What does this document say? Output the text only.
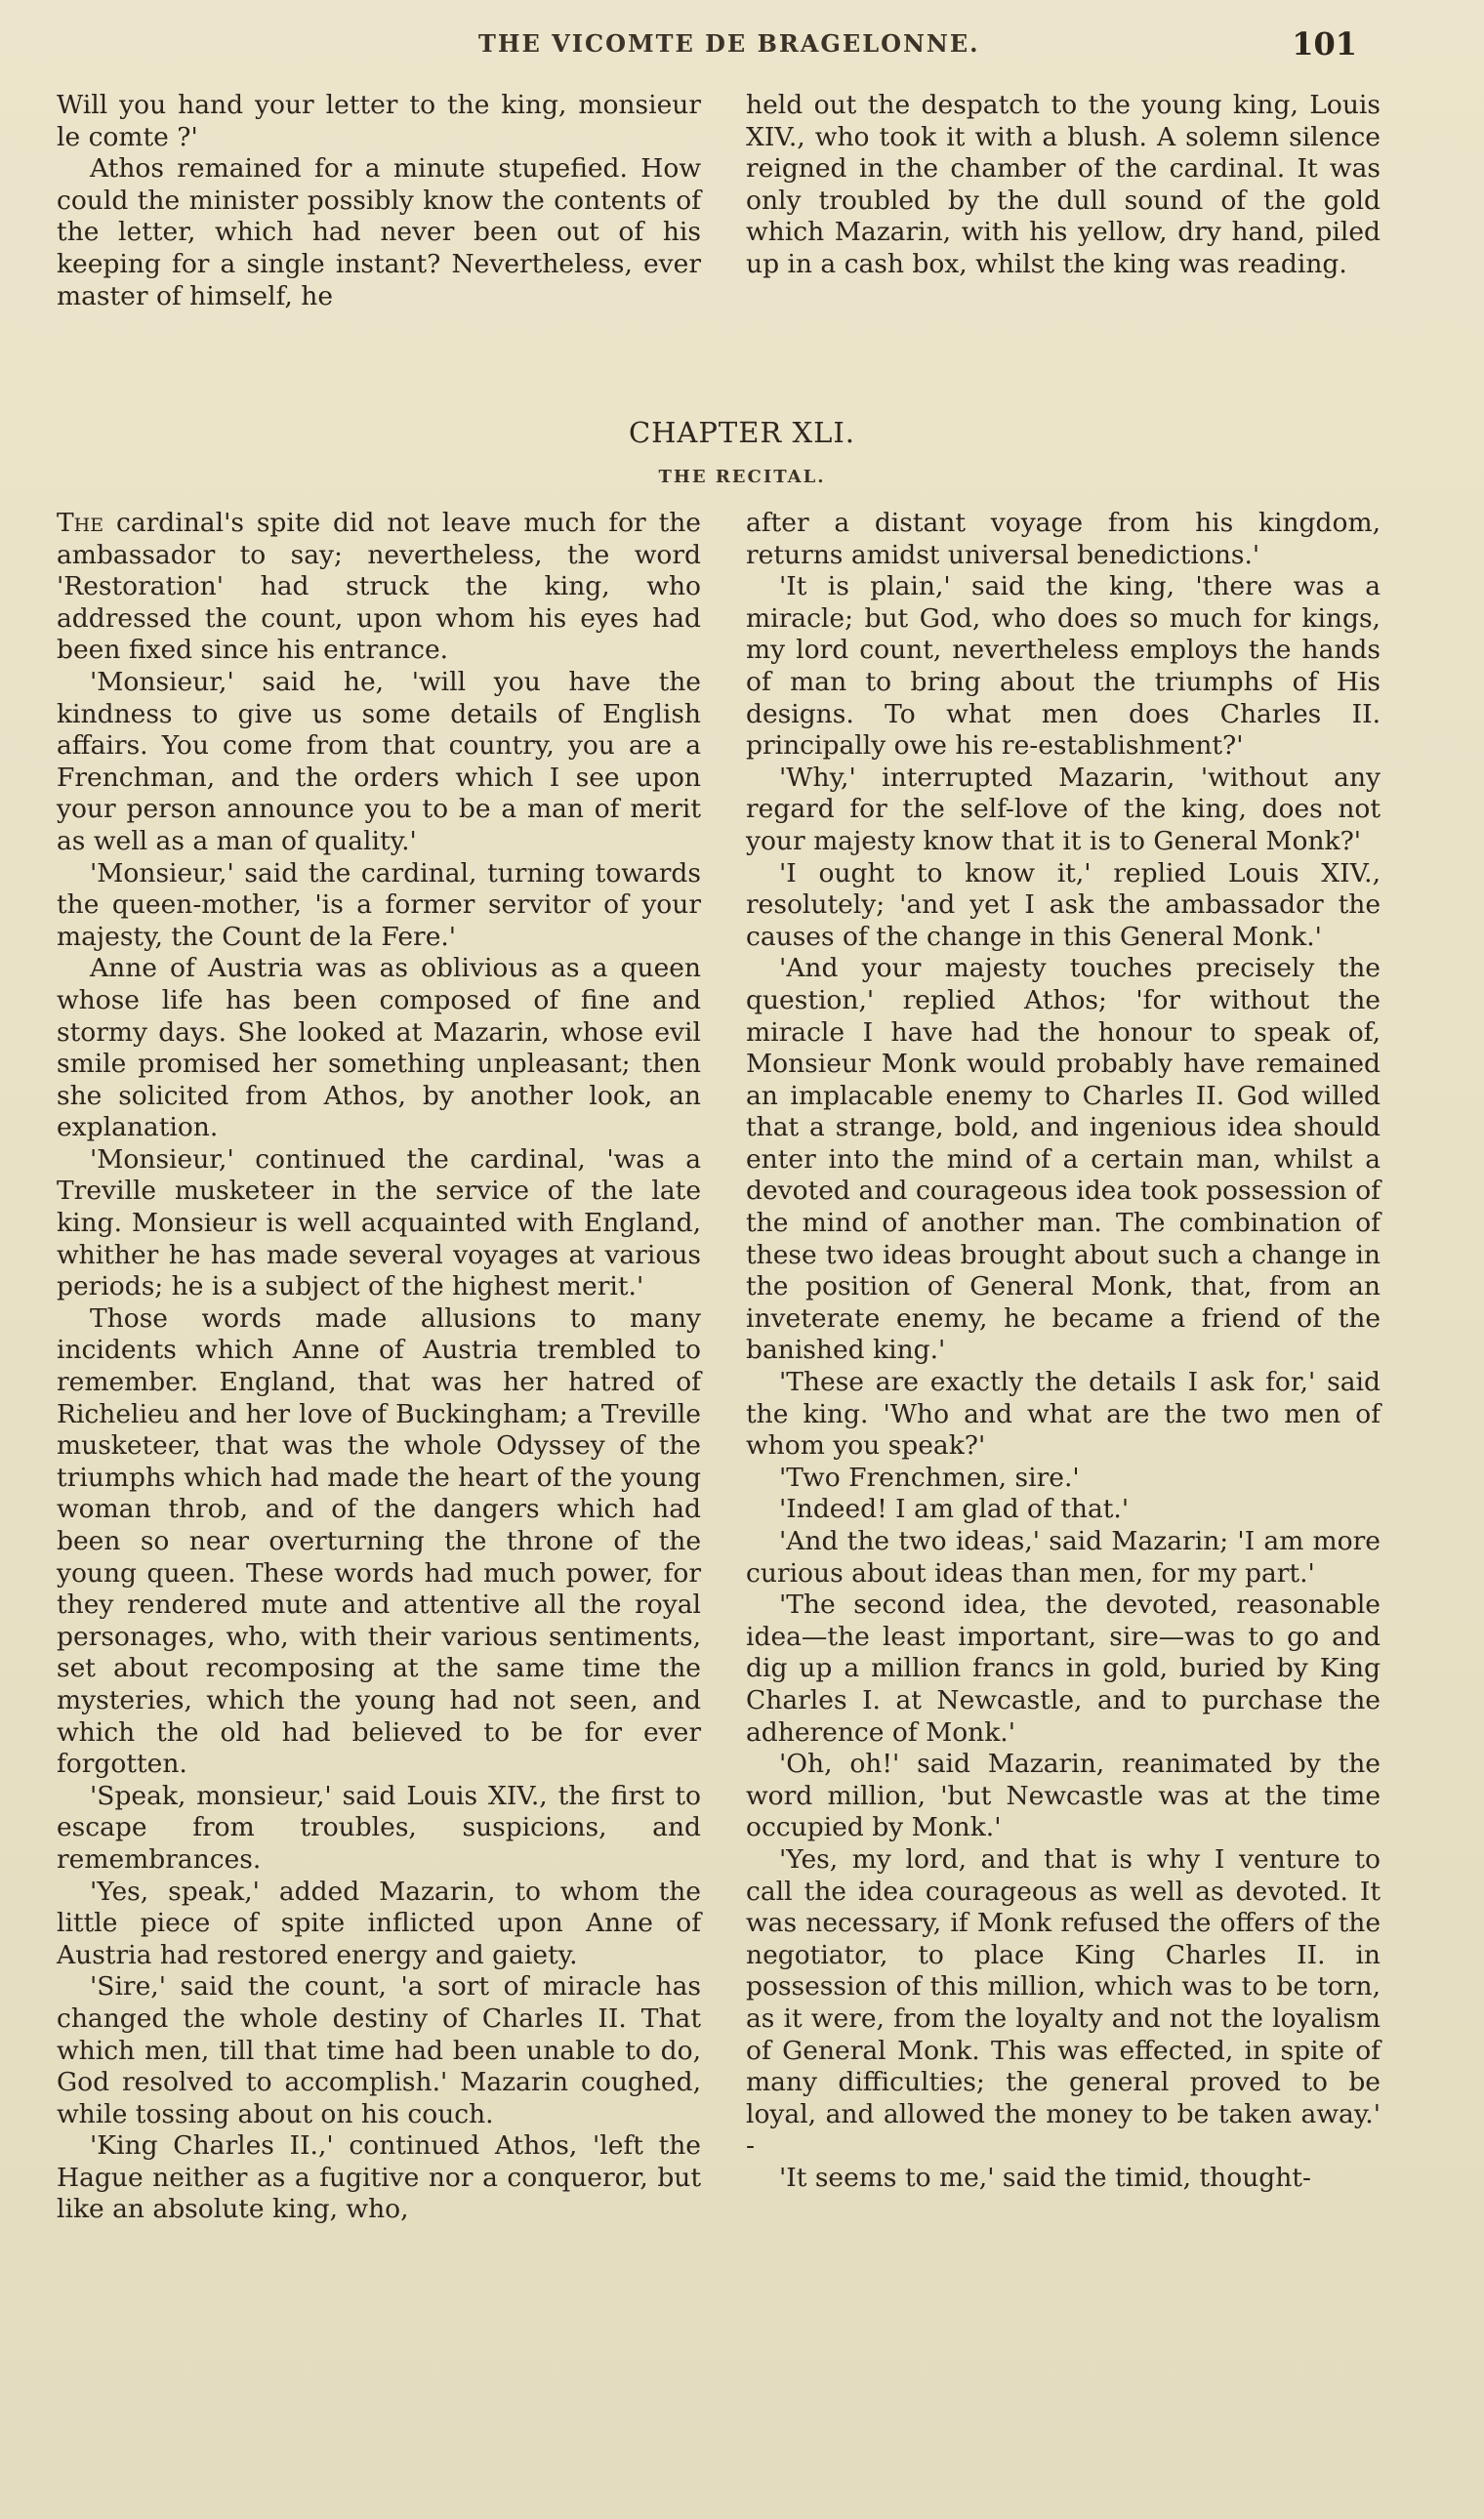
THE VICOMTE DE BRAGELONNE.	101

Will you hand your letter to the king, monsieur le comte ?'

Athos remained for a minute stupefied. How could the minister possibly know the contents of the letter, which had never been out of his keeping for a single instant? Nevertheless, ever master of himself, he

held out the despatch to the young king, Louis XIV., who took it with a blush. A solemn silence reigned in the chamber of the cardinal. It was only troubled by the dull sound of the gold which Mazarin, with his yellow, dry hand, piled up in a cash box, whilst the king was reading.

CHAPTER XLI.
THE RECITAL.

The cardinal's spite did not leave much for the ambassador to say; nevertheless, the word 'Restoration' had struck the king, who addressed the count, upon whom his eyes had been fixed since his entrance.

'Monsieur,' said he, 'will you have the kindness to give us some details of English affairs. You come from that country, you are a Frenchman, and the orders which I see upon your person announce you to be a man of merit as well as a man of quality.'

'Monsieur,' said the cardinal, turning towards the queen-mother, 'is a former servitor of your majesty, the Count de la Fere.'

Anne of Austria was as oblivious as a queen whose life has been composed of fine and stormy days. She looked at Mazarin, whose evil smile promised her something unpleasant; then she solicited from Athos, by another look, an explanation.

'Monsieur,' continued the cardinal, 'was a Treville musketeer in the service of the late king. Monsieur is well acquainted with England, whither he has made several voyages at various periods; he is a subject of the highest merit.'

Those words made allusions to many incidents which Anne of Austria trembled to remember. England, that was her hatred of Richelieu and her love of Buckingham; a Treville musketeer, that was the whole Odyssey of the triumphs which had made the heart of the young woman throb, and of the dangers which had been so near overturning the throne of the young queen. These words had much power, for they rendered mute and attentive all the royal personages, who, with their various sentiments, set about recomposing at the same time the mysteries, which the young had not seen, and which the old had believed to be for ever forgotten.

'Speak, monsieur,' said Louis XIV., the first to escape from troubles, suspicions, and remembrances.

'Yes, speak,' added Mazarin, to whom the little piece of spite inflicted upon Anne of Austria had restored energy and gaiety.

'Sire,' said the count, 'a sort of miracle has changed the whole destiny of Charles II. That which men, till that time had been unable to do, God resolved to accomplish.' Mazarin coughed, while tossing about on his couch.

'King Charles II.,' continued Athos, 'left the Hague neither as a fugitive nor a conqueror, but like an absolute king, who,

after a distant voyage from his kingdom, returns amidst universal benedictions.'

'It is plain,' said the king, 'there was a miracle; but God, who does so much for kings, my lord count, nevertheless employs the hands of man to bring about the triumphs of His designs. To what men does Charles II. principally owe his re-establishment?'

'Why,' interrupted Mazarin, 'without any regard for the self-love of the king, does not your majesty know that it is to General Monk?'

'I ought to know it,' replied Louis XIV., resolutely; 'and yet I ask the ambassador the causes of the change in this General Monk.'

'And your majesty touches precisely the question,' replied Athos; 'for without the miracle I have had the honour to speak of, Monsieur Monk would probably have remained an implacable enemy to Charles II. God willed that a strange, bold, and ingenious idea should enter into the mind of a certain man, whilst a devoted and courageous idea took possession of the mind of another man. The combination of these two ideas brought about such a change in the position of General Monk, that, from an inveterate enemy, he became a friend of the banished king.'

'These are exactly the details I ask for,' said the king. 'Who and what are the two men of whom you speak?'

'Two Frenchmen, sire.'

'Indeed! I am glad of that.'

'And the two ideas,' said Mazarin; 'I am more curious about ideas than men, for my part.'

'The second idea, the devoted, reasonable idea—the least important, sire—was to go and dig up a million francs in gold, buried by King Charles I. at Newcastle, and to purchase the adherence of Monk.'

'Oh, oh!' said Mazarin, reanimated by the word million, 'but Newcastle was at the time occupied by Monk.'

'Yes, my lord, and that is why I venture to call the idea courageous as well as devoted. It was necessary, if Monk refused the offers of the negotiator, to place King Charles II. in possession of this million, which was to be torn, as it were, from the loyalty and not the loyalism of General Monk. This was effected, in spite of many difficulties; the general proved to be loyal, and allowed the money to be taken away.' -

'It seems to me,' said the timid, thought-
